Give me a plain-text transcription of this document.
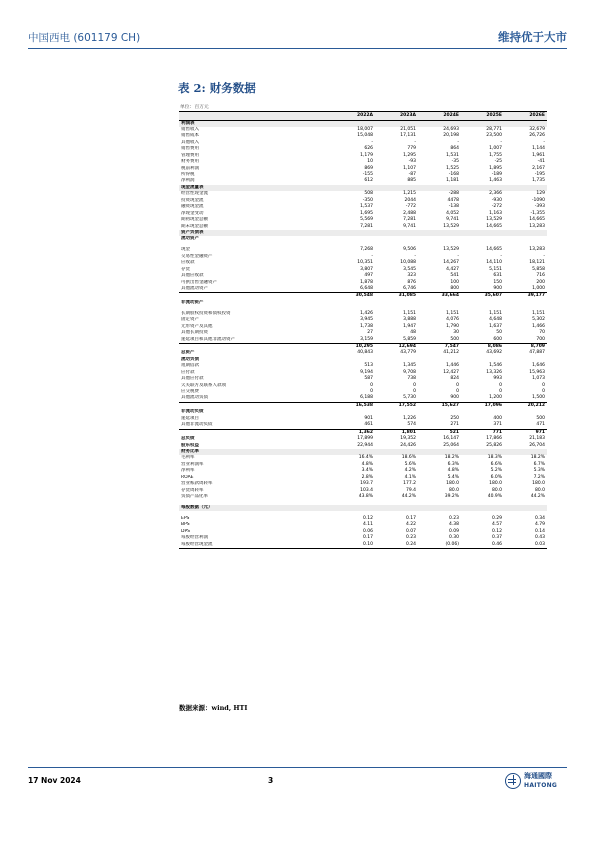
中国西电 (601179 CH)	维持优于大市
表 2: 财务数据
单位：百万元
2022A	2023A	2024E	2025E	2026E
利润表
销售收入	18,007	21,051	24,693	28,771	32,679
销售成本	15,048	17,131	20,198	23,500	26,726
其他收入	-	-	-	-	-
销售费用	626	779	864	1,007	1,144
管理费用	1,179	1,295	1,531	1,755	1,961
财务费用	10	-93	-35	-25	-41
税前利润	869	1,107	1,525	1,895	2,167
所得税	-155	-87	-168	-189	-195
净利润	612	885	1,181	1,463	1,735
现金流量表
经营性现金流	508	1,215	-288	2,366	129
投资现金流	-350	2044	4478	-930	-1090
融资现金流	1,537	-772	-138	-272	-393
净现金变动	1,695	2,488	4,052	1,163	-1,355
期初现金总额	5,569	7,281	9,741	13,529	14,665
期末现金总额	7,281	9,741	13,529	14,665	13,283
资产负债表
流动资产
现金	7,268	9,506	13,529	14,665	13,283
交易性金融资产	-	-	-	-	-
应收款	10,351	10,088	14,267	14,110	18,121
存货	3,807	3,545	4,427	5,151	5,858
其他应收款	497	323	541	631	716
可供出售金融资产	1,878	876	100	150	200
其他流动资产	6,648	6,746	800	900	1,000
30,548	31,085	33,664	35,607	39,177
非流动资产
长期股权投资和债权投资	1,426	1,151	1,151	1,151	1,151
固定资产	3,945	3,888	4,076	4,648	5,302
无形资产及其他	1,738	1,947	1,790	1,637	1,466
其他长期投资	27	48	30	50	70
递延项目和其他非流动资产	3,159	5,859	500	600	700
10,295	12,694	7,547	8,086	8,709
总资产	40,843	43,779	41,212	43,692	47,887
流动负债
短期借款	513	1,345	1,446	1,546	1,646
应付款	9,194	9,708	12,427	13,326	15,963
其他应付款	587	738	824	993	1,073
欠关联方及联系人款项	0	0	0	0	0
应交税费	0	0	0	0	0
其他流动负债	6,188	5,730	900	1,200	1,500
16,538	17,552	15,627	17,096	20,212
非流动负债
递延项目	901	1,226	250	400	500
其他非流动负债	461	574	271	371	471
1,362	1,801	521	771	971
总负债	17,899	19,352	16,147	17,866	21,183
股东权益	22,944	24,426	25,064	25,826	26,704
财务比率
毛利率	16.4%	18.6%	18.2%	18.3%	18.2%
营业利润率	4.8%	5.6%	6.3%	6.6%	6.7%
净利率	3.4%	4.2%	4.8%	5.2%	5.3%
ROAE	2.8%	4.1%	5.4%	6.0%	7.2%
营业账款周转率	193.7	177.2	180.0	180.0	180.0
存货周转率	103.4	79.4	80.0	80.0	80.0
负债产品化率	43.8%	44.2%	39.2%	40.9%	44.2%
每股数据（元）
EPS	0.12	0.17	0.23	0.29	0.34
BPS	4.11	4.22	4.38	4.57	4.79
DPS	0.06	0.07	0.09	0.12	0.14
每股经营利润	0.17	0.23	0.30	0.37	0.43
每股经营现金流	0.10	0.24	(0.06)	0.46	0.03
数据来源：wind, HTI
17 Nov 2024	3	海通國際
HAITONG
